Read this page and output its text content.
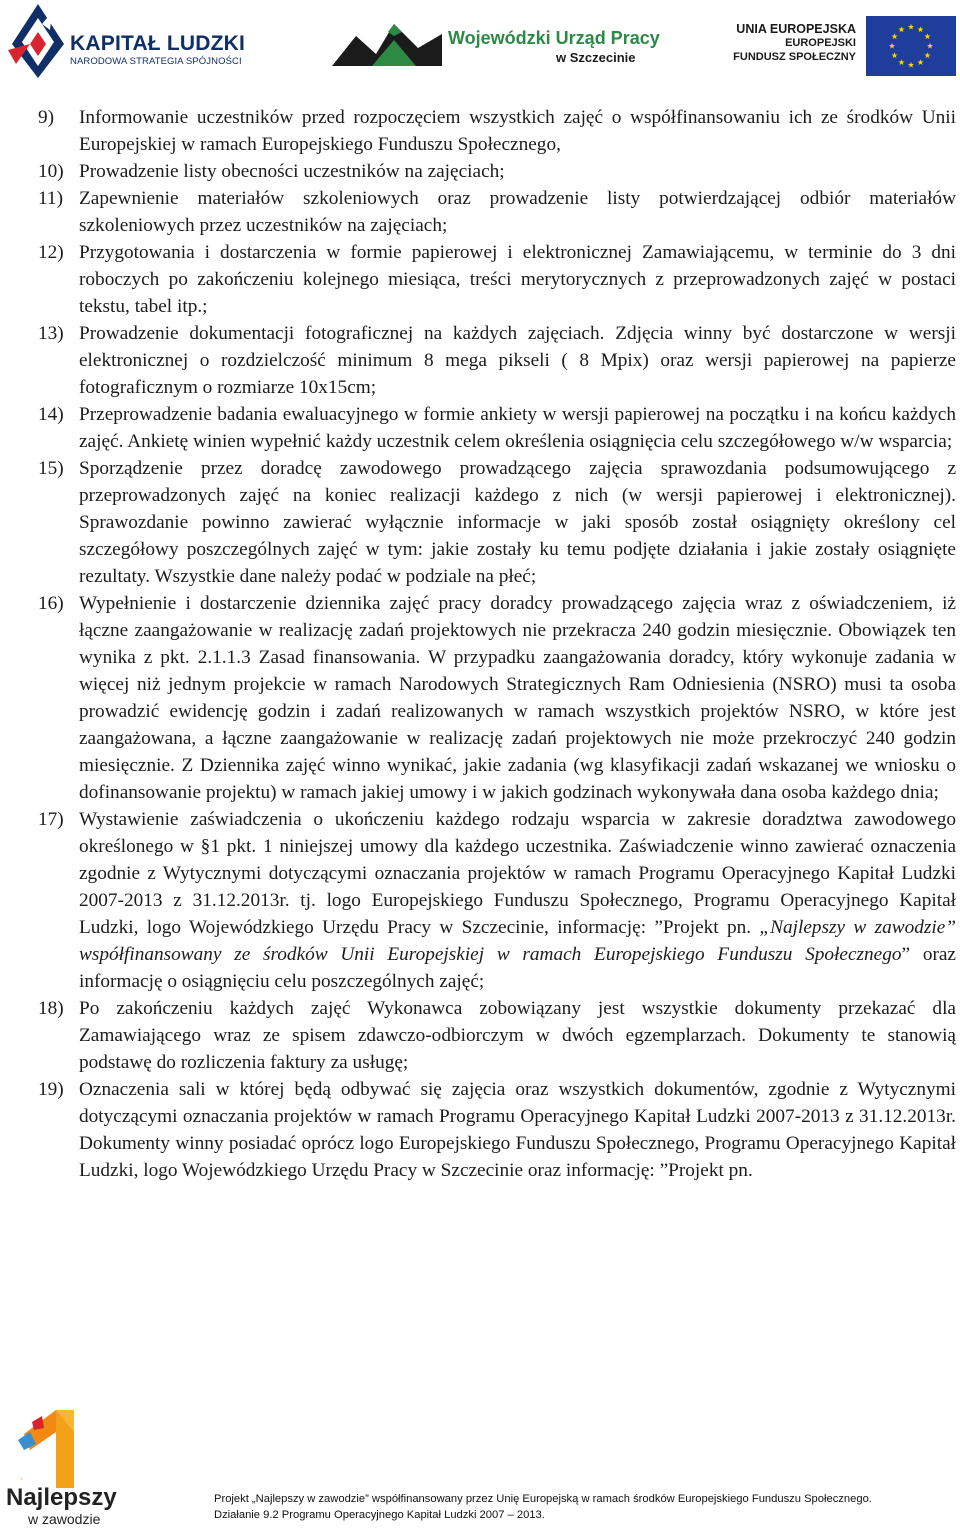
KAPITAŁ LUDZKI
NARODOWA STRATEGIA SPÓJNOŚCI
Wojewódzki Urząd Pracy
w Szczecinie
UNIA EUROPEJSKA
EUROPEJSKI
FUNDUSZ SPOŁECZNY
9) Informowanie uczestników przed rozpoczęciem wszystkich zajęć o współfinansowaniu ich ze środków Unii Europejskiej w ramach Europejskiego Funduszu Społecznego,
10) Prowadzenie listy obecności uczestników na zajęciach;
11) Zapewnienie materiałów szkoleniowych oraz prowadzenie listy potwierdzającej odbiór materiałów szkoleniowych przez uczestników na zajęciach;
12) Przygotowania i dostarczenia w formie papierowej i elektronicznej Zamawiającemu, w terminie do 3 dni roboczych po zakończeniu kolejnego miesiąca, treści merytorycznych z przeprowadzonych zajęć w postaci tekstu, tabel itp.;
13) Prowadzenie dokumentacji fotograficznej na każdych zajęciach. Zdjęcia winny być dostarczone w wersji elektronicznej o rozdzielczość minimum 8 mega pikseli ( 8 Mpix) oraz wersji papierowej na papierze fotograficznym o rozmiarze 10x15cm;
14) Przeprowadzenie badania ewaluacyjnego w formie ankiety w wersji papierowej na początku i na końcu każdych zajęć. Ankietę winien wypełnić każdy uczestnik celem określenia osiągnięcia celu szczegółowego w/w wsparcia;
15) Sporządzenie przez doradcę zawodowego prowadzącego zajęcia sprawozdania podsumowującego z przeprowadzonych zajęć na koniec realizacji każdego z nich (w wersji papierowej i elektronicznej). Sprawozdanie powinno zawierać wyłącznie informacje w jaki sposób został osiągnięty określony cel szczegółowy poszczególnych zajęć w tym: jakie zostały ku temu podjęte działania i jakie zostały osiągnięte rezultaty. Wszystkie dane należy podać w podziale na płeć;
16) Wypełnienie i dostarczenie dziennika zajęć pracy doradcy prowadzącego zajęcia wraz z oświadczeniem, iż łączne zaangażowanie w realizację zadań projektowych nie przekracza 240 godzin miesięcznie. Obowiązek ten wynika z pkt. 2.1.1.3 Zasad finansowania. W przypadku zaangażowania doradcy, który wykonuje zadania w więcej niż jednym projekcie w ramach Narodowych Strategicznych Ram Odniesienia (NSRO) musi ta osoba prowadzić ewidencję godzin i zadań realizowanych w ramach wszystkich projektów NSRO, w które jest zaangażowana, a łączne zaangażowanie w realizację zadań projektowych nie może przekroczyć 240 godzin miesięcznie. Z Dziennika zajęć winno wynikać, jakie zadania (wg klasyfikacji zadań wskazanej we wniosku o dofinansowanie projektu) w ramach jakiej umowy i w jakich godzinach wykonywała dana osoba każdego dnia;
17) Wystawienie zaświadczenia o ukończeniu każdego rodzaju wsparcia w zakresie doradztwa zawodowego określonego w §1 pkt. 1 niniejszej umowy dla każdego uczestnika. Zaświadczenie winno zawierać oznaczenia zgodnie z Wytycznymi dotyczącymi oznaczania projektów w ramach Programu Operacyjnego Kapitał Ludzki 2007-2013 z 31.12.2013r. tj. logo Europejskiego Funduszu Społecznego, Programu Operacyjnego Kapitał Ludzki, logo Wojewódzkiego Urzędu Pracy w Szczecinie, informację: ”Projekt pn. „Najlepszy w zawodzie” współfinansowany ze środków Unii Europejskiej w ramach Europejskiego Funduszu Społecznego” oraz informację o osiągnięciu celu poszczególnych zajęć;
18) Po zakończeniu każdych zajęć Wykonawca zobowiązany jest wszystkie dokumenty przekazać dla Zamawiającego wraz ze spisem zdawczo-odbiorczym w dwóch egzemplarzach. Dokumenty te stanowią podstawę do rozliczenia faktury za usługę;
19) Oznaczenia sali w której będą odbywać się zajęcia oraz wszystkich dokumentów, zgodnie z Wytycznymi dotyczącymi oznaczania projektów w ramach Programu Operacyjnego Kapitał Ludzki 2007-2013 z 31.12.2013r. Dokumenty winny posiadać oprócz logo Europejskiego Funduszu Społecznego, Programu Operacyjnego Kapitał Ludzki, logo Wojewódzkiego Urzędu Pracy w Szczecinie oraz informację: ”Projekt pn.
1
Najlepszy
w zawodzie
Projekt „Najlepszy w zawodzie” współfinansowany przez Unię Europejską w ramach środków Europejskiego Funduszu Społecznego.
Działanie 9.2 Programu Operacyjnego Kapitał Ludzki 2007 – 2013.
